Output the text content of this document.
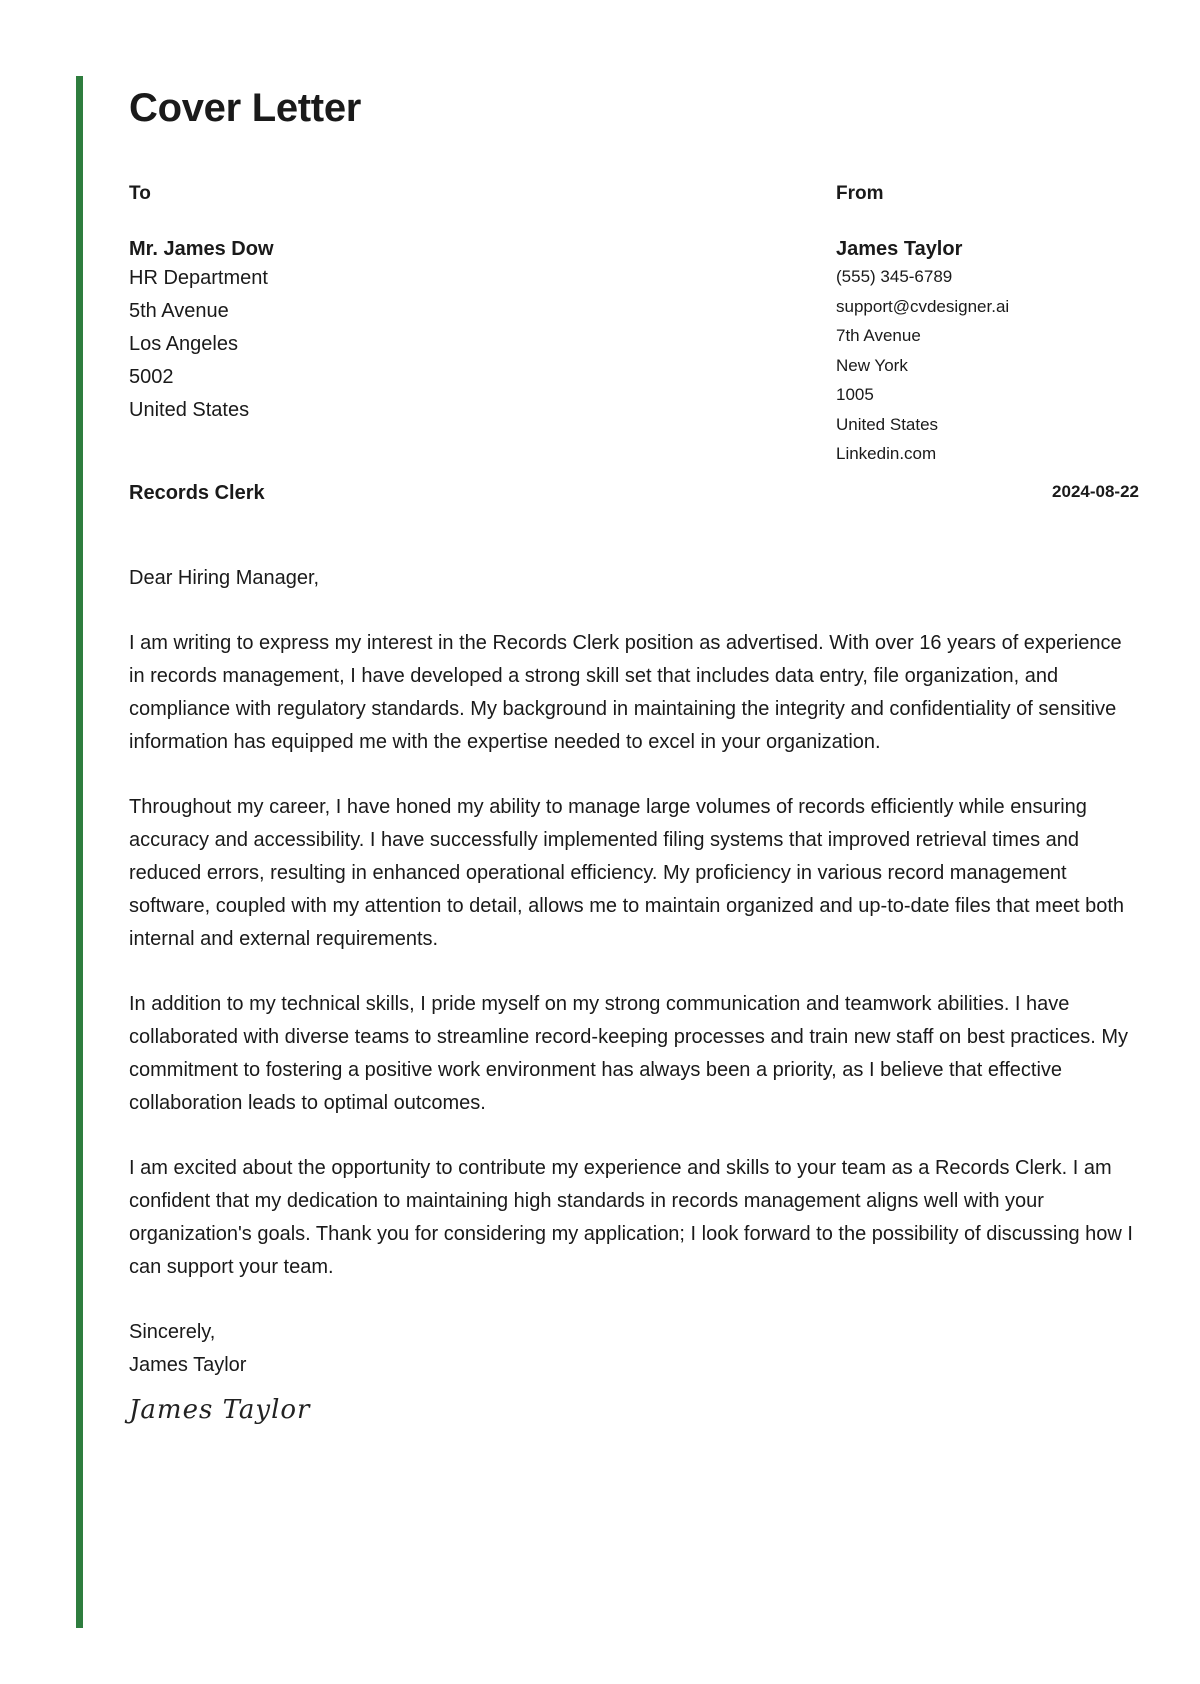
Cover Letter
To
Mr. James Dow
HR Department
5th Avenue
Los Angeles
5002
United States
From
James Taylor
(555) 345-6789
support@cvdesigner.ai
7th Avenue
New York
1005
United States
Linkedin.com
Records Clerk	2024-08-22

Dear Hiring Manager,

I am writing to express my interest in the Records Clerk position as advertised. With over 16 years of experience in records management, I have developed a strong skill set that includes data entry, file organization, and compliance with regulatory standards. My background in maintaining the integrity and confidentiality of sensitive information has equipped me with the expertise needed to excel in your organization.

Throughout my career, I have honed my ability to manage large volumes of records efficiently while ensuring accuracy and accessibility. I have successfully implemented filing systems that improved retrieval times and reduced errors, resulting in enhanced operational efficiency. My proficiency in various record management software, coupled with my attention to detail, allows me to maintain organized and up-to-date files that meet both internal and external requirements.

In addition to my technical skills, I pride myself on my strong communication and teamwork abilities. I have collaborated with diverse teams to streamline record-keeping processes and train new staff on best practices. My commitment to fostering a positive work environment has always been a priority, as I believe that effective collaboration leads to optimal outcomes.

I am excited about the opportunity to contribute my experience and skills to your team as a Records Clerk. I am confident that my dedication to maintaining high standards in records management aligns well with your organization's goals. Thank you for considering my application; I look forward to the possibility of discussing how I can support your team.

Sincerely,

James Taylor

James Taylor
